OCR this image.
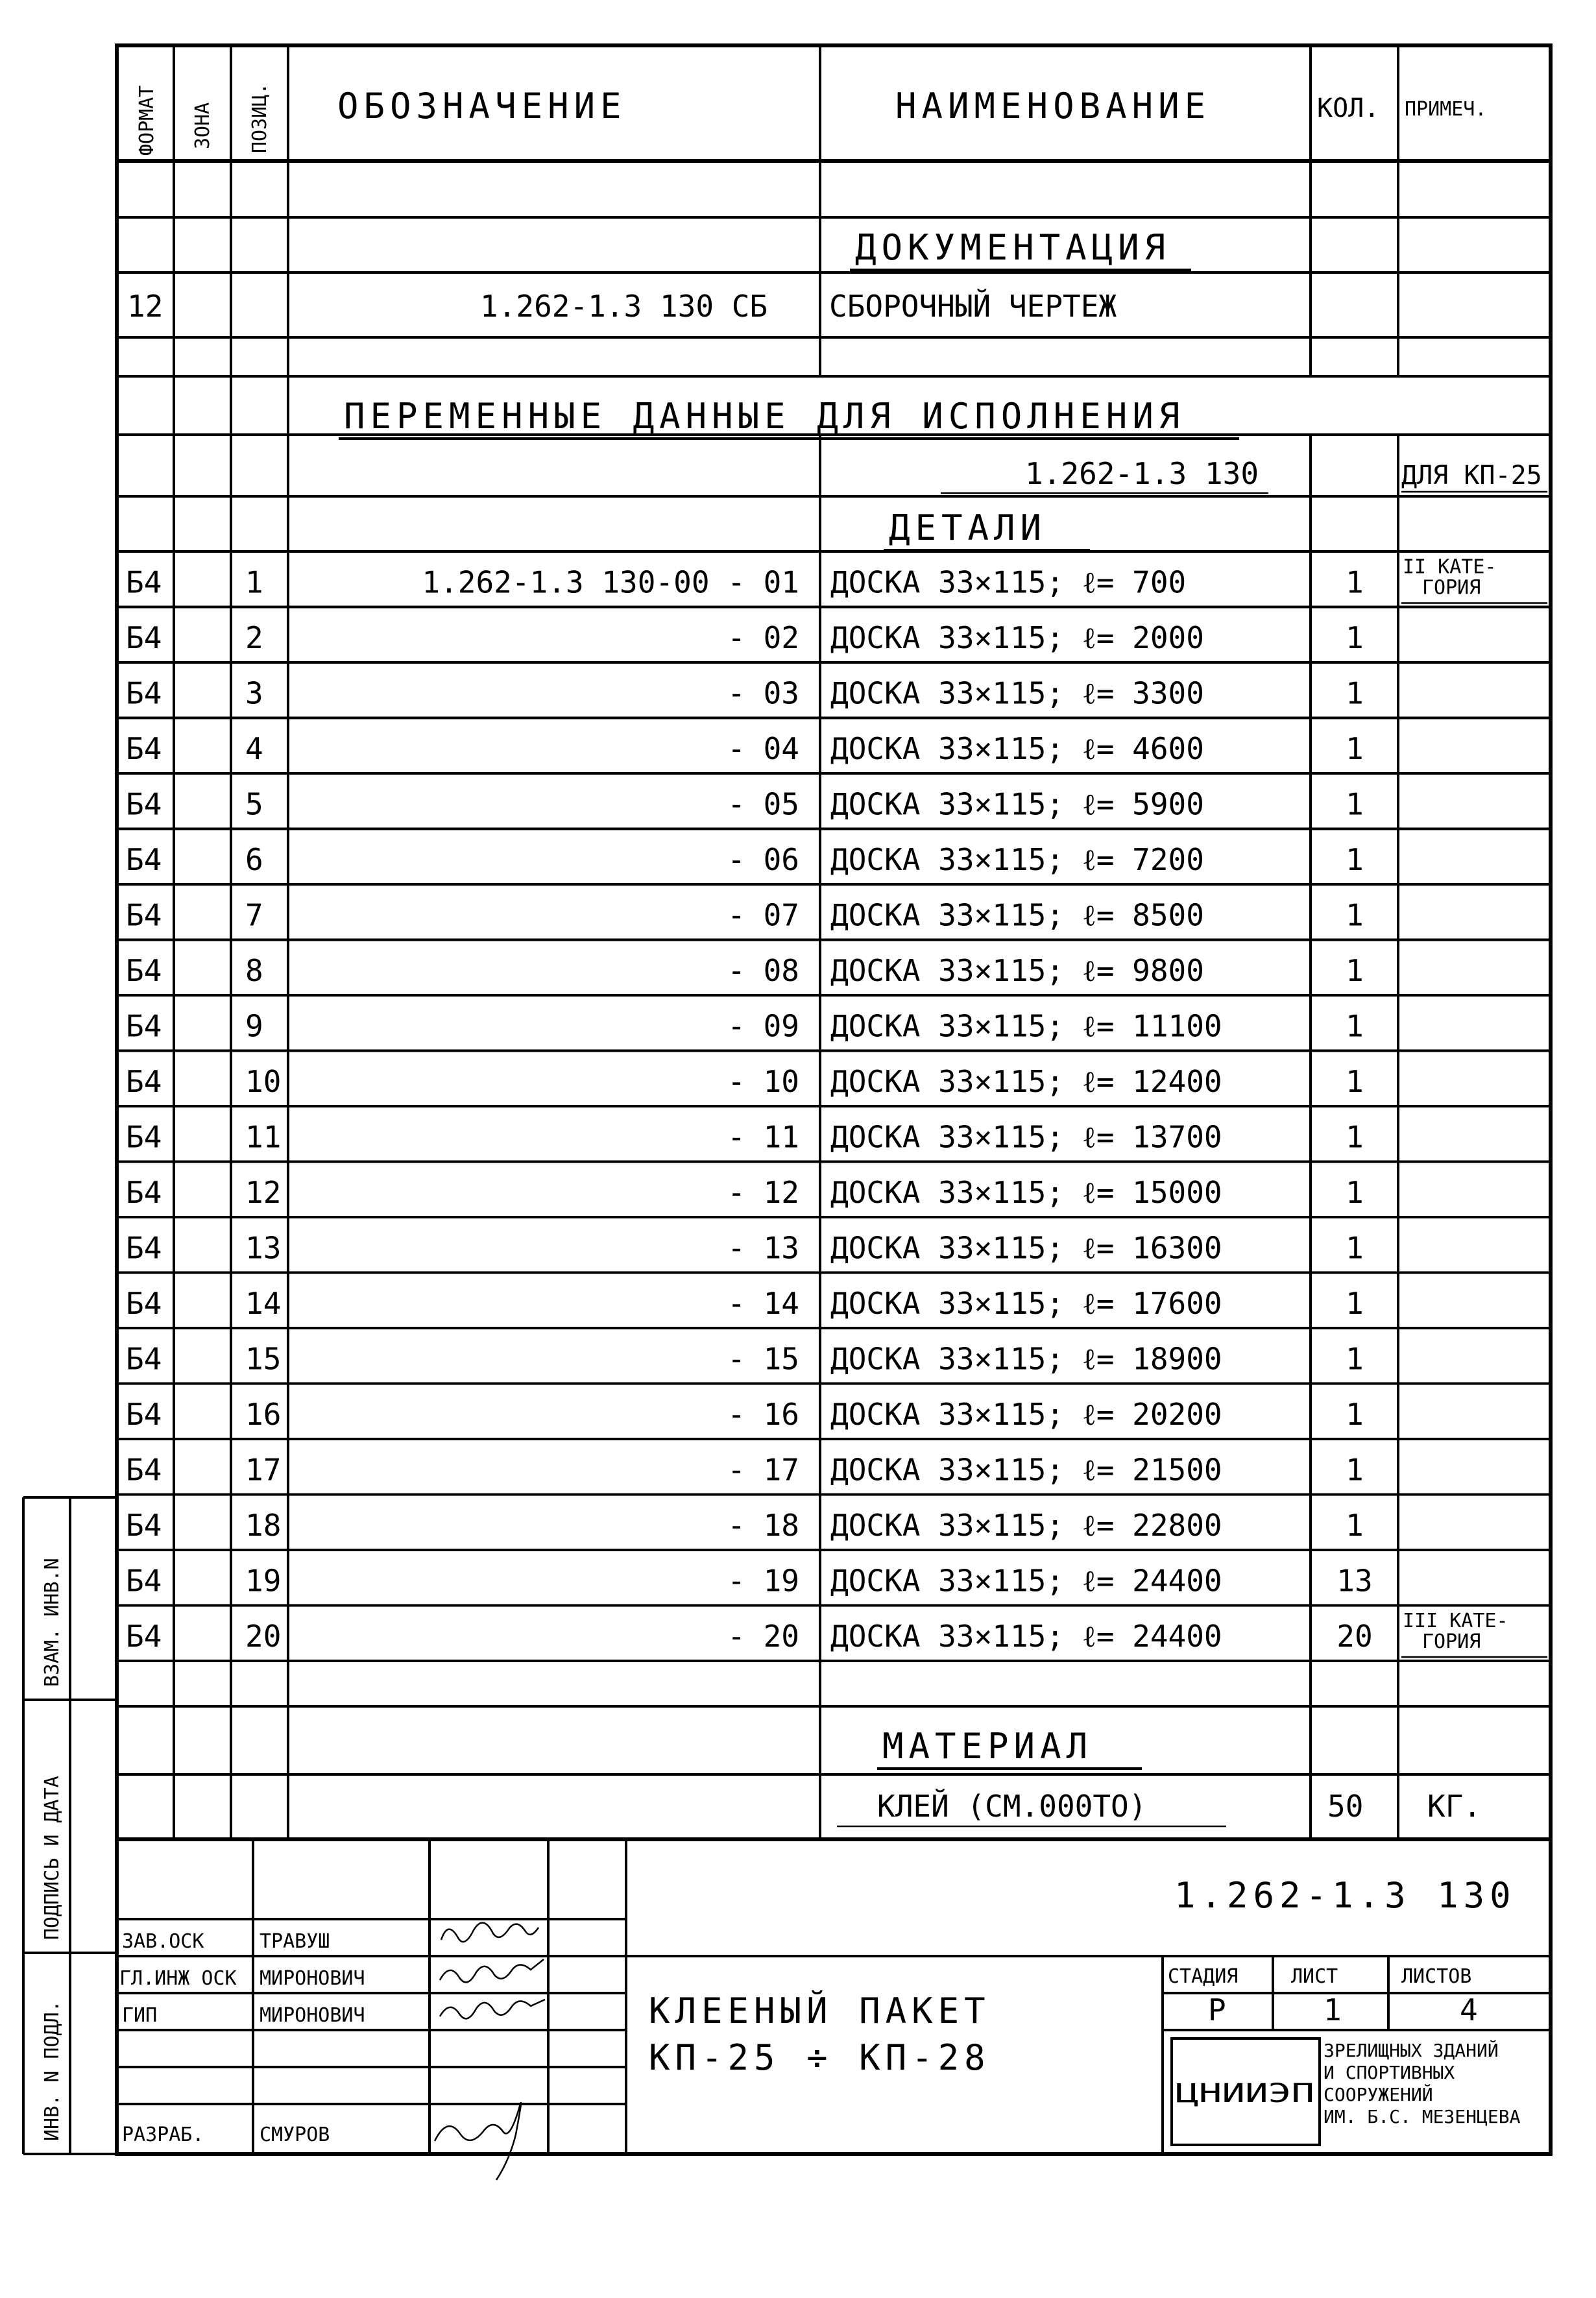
ФОРМАТ ЗОНА ПОЗИЦ. ОБОЗНАЧЕНИЕ	НАИМЕНОВАНИЕ	КОЛ. ПРИМЕЧ.
ДОКУМЕНТАЦИЯ
12	1.262-1.3 130 СБ СБОРОЧНЫЙ ЧЕРТЕЖ
ПЕРЕМЕННЫЕ ДАННЫЕ ДЛЯ ИСПОЛНЕНИЯ
1.262-1.3 130	ДЛЯ КП-25
ДЕТАЛИ
Б4	1	1.262-1.3 130-00 - 01 ДОСКА 33×115; ℓ= 700	1 II КАТЕ-
ГОРИЯ
Б4	2	- 02 ДОСКА 33×115; ℓ= 2000	1
Б4	3	- 03 ДОСКА 33×115; ℓ= 3300	1
Б4	4	- 04 ДОСКА 33×115; ℓ= 4600	1
Б4	5	- 05 ДОСКА 33×115; ℓ= 5900	1
Б4	6	- 06 ДОСКА 33×115; ℓ= 7200	1
Б4	7	- 07 ДОСКА 33×115; ℓ= 8500	1
Б4	8	- 08 ДОСКА 33×115; ℓ= 9800	1
Б4	9	- 09 ДОСКА 33×115; ℓ= 11100	1
Б4	10	- 10 ДОСКА 33×115; ℓ= 12400	1
Б4	11	- 11 ДОСКА 33×115; ℓ= 13700	1
Б4	12	- 12 ДОСКА 33×115; ℓ= 15000	1
Б4	13	- 13 ДОСКА 33×115; ℓ= 16300	1
Б4	14	- 14 ДОСКА 33×115; ℓ= 17600	1
Б4	15	- 15 ДОСКА 33×115; ℓ= 18900	1
Б4	16	- 16 ДОСКА 33×115; ℓ= 20200	1
Б4	17	- 17 ДОСКА 33×115; ℓ= 21500	1
Б4	18	- 18 ДОСКА 33×115; ℓ= 22800	1
Б4	19	- 19 ДОСКА 33×115; ℓ= 24400	13
Б4	20	- 20 ДОСКА 33×115; ℓ= 24400	20 III КАТЕ-
ГОРИЯ
МАТЕРИАЛ
КЛЕЙ (СМ.000ТО)	50 КГ.
ВЗАМ. ИНВ.N
ПОДПИСЬ И ДАТА
ИНВ. N ПОДЛ.
1.262-1.3 130
ЗАВ.ОСК	ТРАВУШ
ГЛ.ИНЖ ОСК МИРОНОВИЧ
ГИП	МИРОНОВИЧ
РАЗРАБ.	СМУРОВ
КЛЕЕНЫЙ ПАКЕТ
КП-25 ÷ КП-28
СТАДИЯ	ЛИСТ	ЛИСТОВ
Р	1	4
ЦНИИЭП
ЗРЕЛИЩНЫХ ЗДАНИЙ
И СПОРТИВНЫХ
СООРУЖЕНИЙ
ИМ. Б.С. МЕЗЕНЦЕВА
